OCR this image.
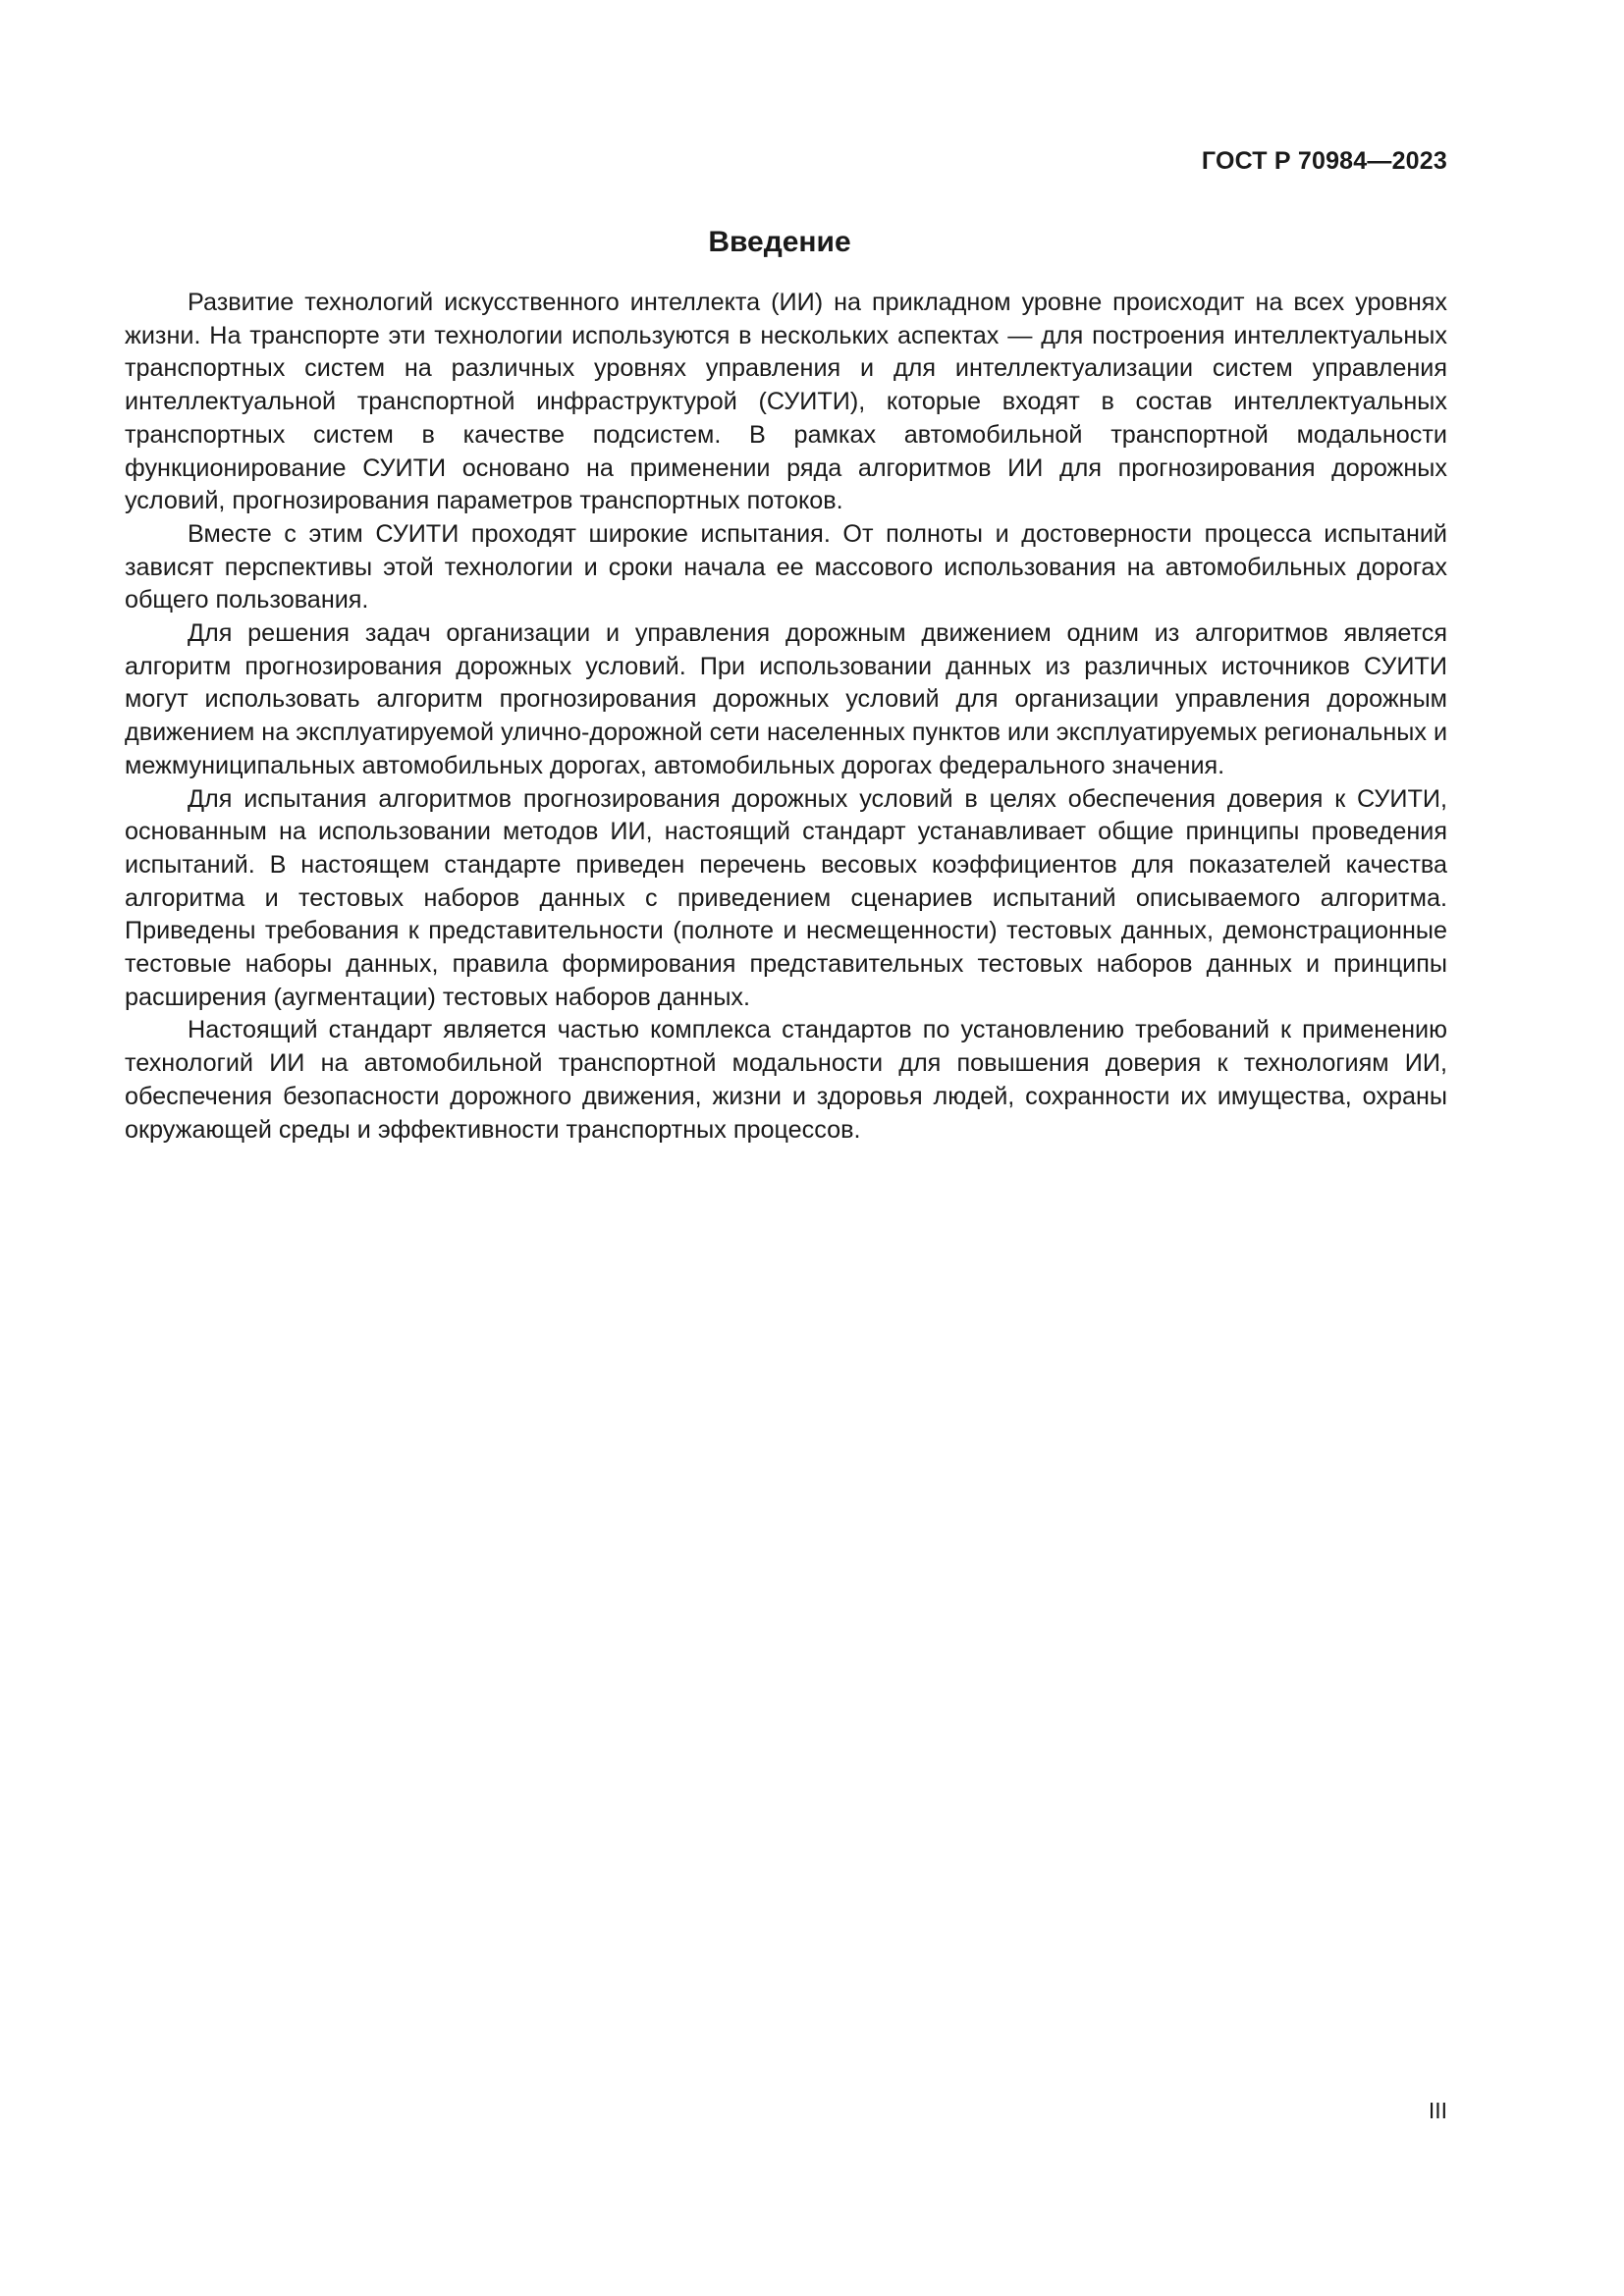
ГОСТ Р 70984—2023
Введение

Развитие технологий искусственного интеллекта (ИИ) на прикладном уровне происходит на всех уровнях жизни. На транспорте эти технологии используются в нескольких аспектах — для построения интеллектуальных транспортных систем на различных уровнях управления и для интеллектуализации систем управления интеллектуальной транспортной инфраструктурой (СУИТИ), которые входят в состав интеллектуальных транспортных систем в качестве подсистем. В рамках автомобильной транспортной модальности функционирование СУИТИ основано на применении ряда алгоритмов ИИ для прогнозирования дорожных условий, прогнозирования параметров транспортных потоков.

Вместе с этим СУИТИ проходят широкие испытания. От полноты и достоверности процесса испытаний зависят перспективы этой технологии и сроки начала ее массового использования на автомобильных дорогах общего пользования.

Для решения задач организации и управления дорожным движением одним из алгоритмов является алгоритм прогнозирования дорожных условий. При использовании данных из различных источников СУИТИ могут использовать алгоритм прогнозирования дорожных условий для организации управления дорожным движением на эксплуатируемой улично-дорожной сети населенных пунктов или эксплуатируемых региональных и межмуниципальных автомобильных дорогах, автомобильных дорогах федерального значения.

Для испытания алгоритмов прогнозирования дорожных условий в целях обеспечения доверия к СУИТИ, основанным на использовании методов ИИ, настоящий стандарт устанавливает общие принципы проведения испытаний. В настоящем стандарте приведен перечень весовых коэффициентов для показателей качества алгоритма и тестовых наборов данных с приведением сценариев испытаний описываемого алгоритма. Приведены требования к представительности (полноте и несмещенности) тестовых данных, демонстрационные тестовые наборы данных, правила формирования представительных тестовых наборов данных и принципы расширения (аугментации) тестовых наборов данных.

Настоящий стандарт является частью комплекса стандартов по установлению требований к применению технологий ИИ на автомобильной транспортной модальности для повышения доверия к технологиям ИИ, обеспечения безопасности дорожного движения, жизни и здоровья людей, сохранности их имущества, охраны окружающей среды и эффективности транспортных процессов.

III
